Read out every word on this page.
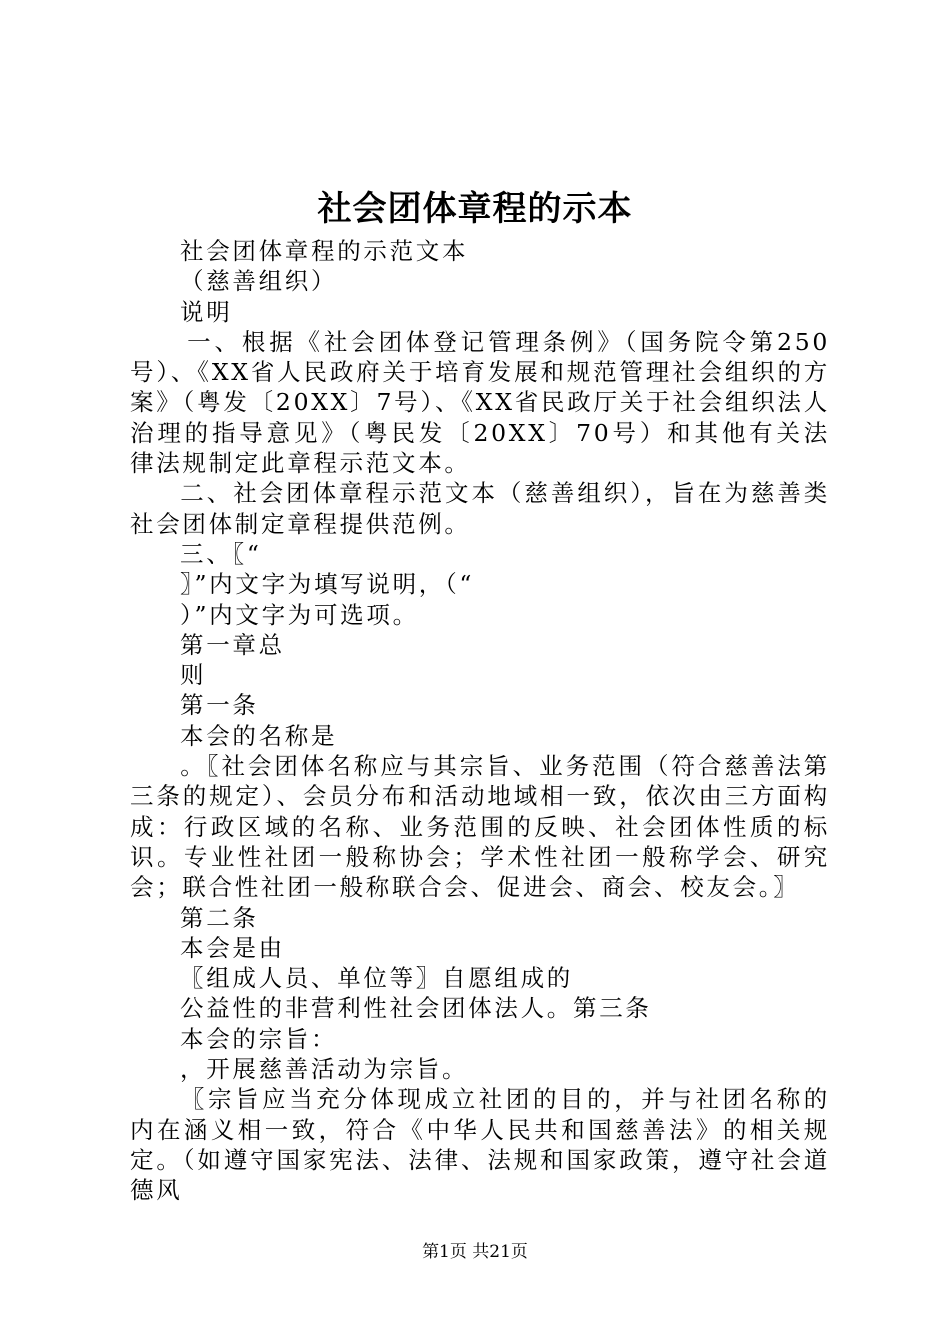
社会团体章程的示本

社会团体章程的示范文本

（慈善组织）

说明

一、根据《社会团体登记管理条例》（国务院令第250号）、《XX省人民政府关于培育发展和规范管理社会组织的方案》（粤发〔20XX〕7号）、《XX省民政厅关于社会组织法人治理的指导意见》（粤民发〔20XX〕70号）和其他有关法律法规制定此章程示范文本。

二、社会团体章程示范文本（慈善组织），旨在为慈善类社会团体制定章程提供范例。

三、〖“

〗”内文字为填写说明，（“

）”内文字为可选项。

第一章总

则

第一条

本会的名称是

。〖社会团体名称应与其宗旨、业务范围（符合慈善法第三条的规定）、会员分布和活动地域相一致，依次由三方面构成：行政区域的名称、业务范围的反映、社会团体性质的标识。专业性社团一般称协会；学术性社团一般称学会、研究会；联合性社团一般称联合会、促进会、商会、校友会。〗

第二条

本会是由

〖组成人员、单位等〗自愿组成的

公益性的非营利性社会团体法人。第三条

本会的宗旨：

，开展慈善活动为宗旨。

〖宗旨应当充分体现成立社团的目的，并与社团名称的内在涵义相一致，符合《中华人民共和国慈善法》的相关规定。（如遵守国家宪法、法律、法规和国家政策，遵守社会道德风

第1页 共21页
